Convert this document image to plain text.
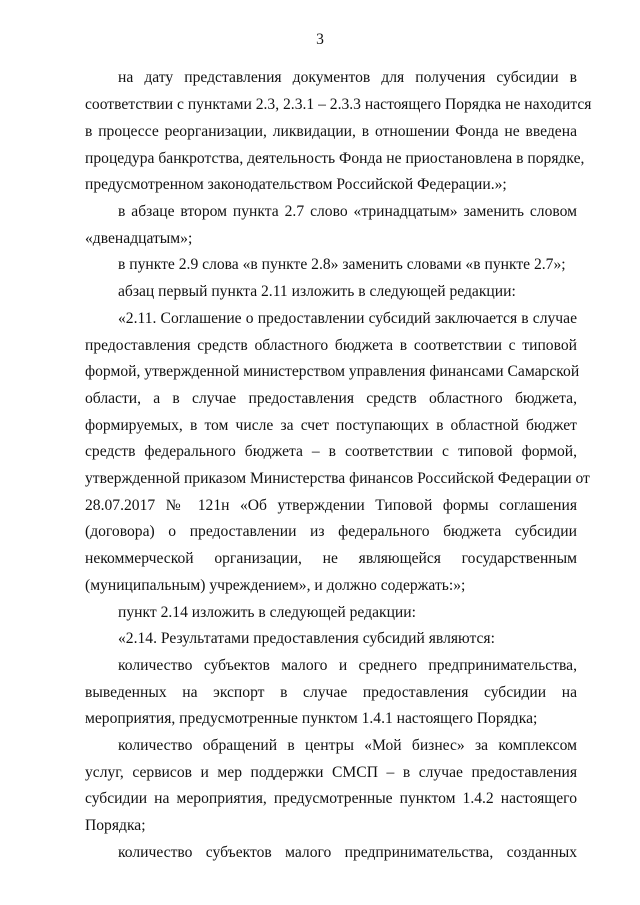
3
на дату представления документов для получения субсидии в
соответствии с пунктами 2.3, 2.3.1 – 2.3.3 настоящего Порядка не находится
в процессе реорганизации, ликвидации, в отношении Фонда не введена
процедура банкротства, деятельность Фонда не приостановлена в порядке,
предусмотренном законодательством Российской Федерации.»;
в абзаце втором пункта 2.7 слово «тринадцатым» заменить словом
«двенадцатым»;
в пункте 2.9 слова «в пункте 2.8» заменить словами «в пункте 2.7»;
абзац первый пункта 2.11 изложить в следующей редакции:
«2.11. Соглашение о предоставлении субсидий заключается в случае
предоставления средств областного бюджета в соответствии с типовой
формой, утвержденной министерством управления финансами Самарской
области, а в случае предоставления средств областного бюджета,
формируемых, в том числе за счет поступающих в областной бюджет
средств федерального бюджета – в соответствии с типовой формой,
утвержденной приказом Министерства финансов Российской Федерации от
28.07.2017 № 121н «Об утверждении Типовой формы соглашения
(договора) о предоставлении из федерального бюджета субсидии
некоммерческой организации, не являющейся государственным
(муниципальным) учреждением», и должно содержать:»;
пункт 2.14 изложить в следующей редакции:
«2.14. Результатами предоставления субсидий являются:
количество субъектов малого и среднего предпринимательства,
выведенных на экспорт в случае предоставления субсидии на
мероприятия, предусмотренные пунктом 1.4.1 настоящего Порядка;
количество обращений в центры «Мой бизнес» за комплексом
услуг, сервисов и мер поддержки СМСП – в случае предоставления
субсидии на мероприятия, предусмотренные пунктом 1.4.2 настоящего
Порядка;
количество субъектов малого предпринимательства, созданных
